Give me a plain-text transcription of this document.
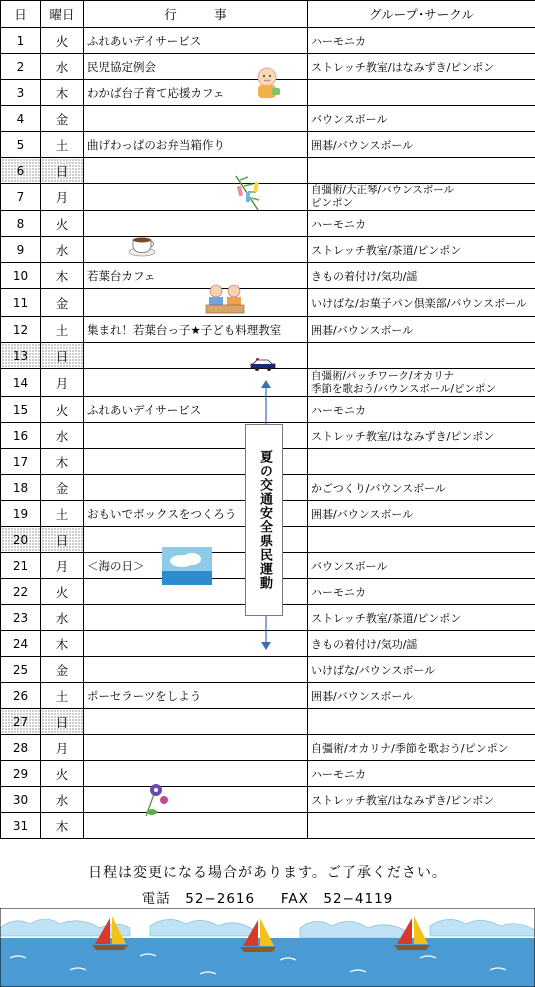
日	曜日	行　　　事	グループ･サークル
1	火	ふれあいデイサービス	ハーモニカ
2	水	民児協定例会	ストレッチ教室/はなみずき/ピンポン
3	木	わかば台子育て応援カフェ	
4	金		バウンスボール
5	土	曲げわっぱのお弁当箱作り	囲碁/バウンスボール
6	日		
7	月		自彊術/大正琴/バウンスボール
ピンポン

8	火		ハーモニカ
9	水		ストレッチ教室/茶道/ピンポン
10	木	若葉台カフェ	きもの着付け/気功/謡
11	金		いけばな/お菓子パン倶楽部/バウンスボール
12	土	集まれ！若葉台っ子★子ども料理教室	囲碁/バウンスボール
13	日		
14	月		自彊術/パッチワーク/オカリナ
季節を歌おう/バウンスボール/ピンポン

15	火	ふれあいデイサービス	ハーモニカ
16	水		ストレッチ教室/はなみずき/ピンポン
17	木		
18	金		かごつくり/バウンスボール
19	土	おもいでボックスをつくろう	囲碁/バウンスボール
20	日		
21	月	＜海の日＞	バウンスボール
22	火		ハーモニカ
23	水		ストレッチ教室/茶道/ピンポン
24	木		きもの着付け/気功/謡
25	金		いけばな/バウンスボール
26	土	ポーセラーツをしよう	囲碁/バウンスボール
27	日		
28	月		自彊術/オカリナ/季節を歌おう/ピンポン
29	火		ハーモニカ
30	水		ストレッチ教室/はなみずき/ピンポン
31	木		
夏の交通安全県民運動
日程は変更になる場合があります。ご了承ください。
電話　52−2616　 FAX　52−4119
